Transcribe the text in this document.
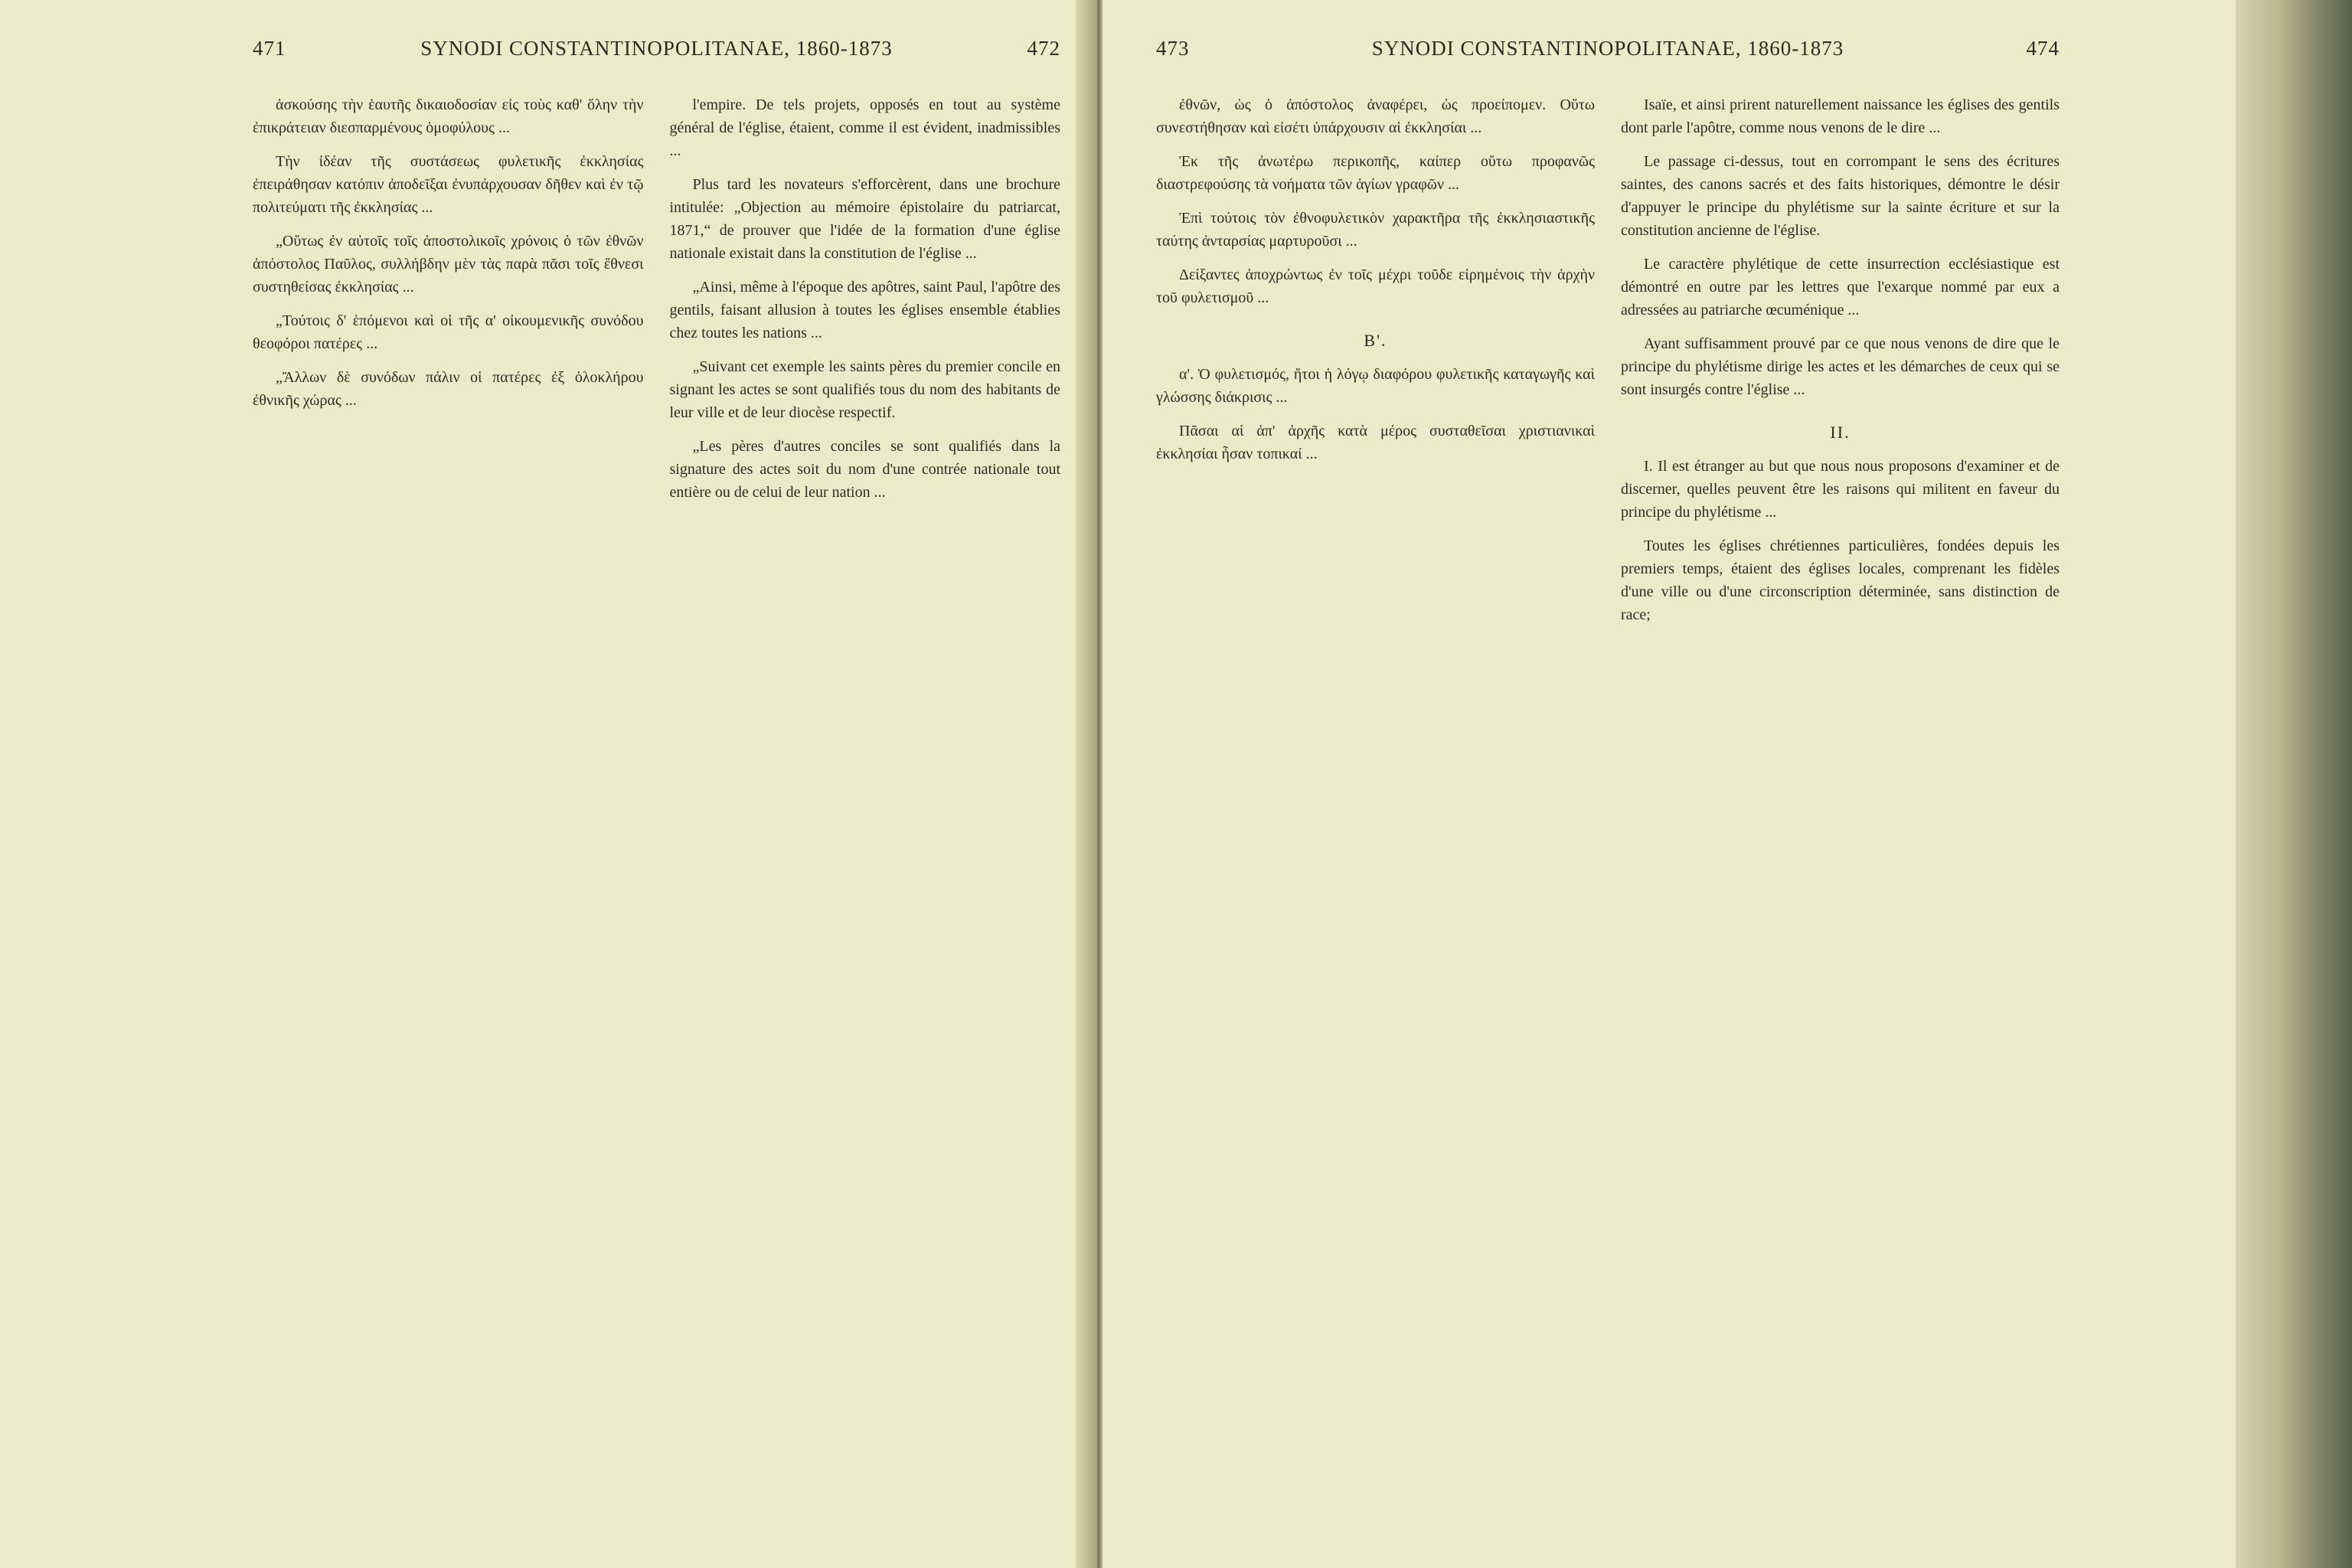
471	SYNODI CONSTANTINOPOLITANAE, 1860-1873	472

ἀσκούσης τὴν ἑαυτῆς δικαιοδοσίαν εἰς τοὺς καθ' ὅλην τὴν ἐπικράτειαν διεσπαρμένους ὁμοφύλους ...

Τὴν ἰδέαν τῆς συστάσεως φυλετικῆς ἐκκλησίας ἐπειράθησαν κατόπιν ἀποδεῖξαι ἐνυπάρχουσαν δῆθεν καὶ ἐν τῷ πολιτεύματι τῆς ἐκκλησίας ...

„Οὕτως ἐν αὐτοῖς τοῖς ἀποστολικοῖς χρόνοις ὁ τῶν ἐθνῶν ἀπόστολος Παῦλος, συλλήβδην μὲν τὰς παρὰ πᾶσι τοῖς ἔθνεσι συστηθείσας ἐκκλησίας ...

„Τούτοις δ' ἑπόμενοι καὶ οἱ τῆς α' οἰκουμενικῆς συνόδου θεοφόροι πατέρες ...

„Ἄλλων δὲ συνόδων πάλιν οἱ πατέρες ἐξ ὁλοκλήρου ἐθνικῆς χώρας ...

l'empire. De tels projets, opposés en tout au système général de l'église, étaient, comme il est évident, inadmissibles ...

Plus tard les novateurs s'efforcèrent, dans une brochure intitulée: „Objection au mémoire épistolaire du patriarcat, 1871,“ de prouver que l'idée de la formation d'une église nationale existait dans la constitution de l'église ...

„Ainsi, même à l'époque des apôtres, saint Paul, l'apôtre des gentils, faisant allusion à toutes les églises ensemble établies chez toutes les nations ...

„Suivant cet exemple les saints pères du premier concile en signant les actes se sont qualifiés tous du nom des habitants de leur ville et de leur diocèse respectif.

„Les pères d'autres conciles se sont qualifiés dans la signature des actes soit du nom d'une contrée nationale tout entière ou de celui de leur nation ...

473	SYNODI CONSTANTINOPOLITANAE, 1860-1873	474

ἐθνῶν, ὡς ὁ ἀπόστολος ἀναφέρει, ὡς προείπομεν. Οὕτω συνεστήθησαν καὶ εἰσέτι ὑπάρχουσιν αἱ ἐκκλησίαι ...

Ἐκ τῆς ἀνωτέρω περικοπῆς, καίπερ οὕτω προφανῶς διαστρεφούσης τὰ νοήματα τῶν ἁγίων γραφῶν ...

Ἐπὶ τούτοις τὸν ἐθνοφυλετικὸν χαρακτῆρα τῆς ἐκκλησιαστικῆς ταύτης ἀνταρσίας μαρτυροῦσι ...

Δείξαντες ἀποχρώντως ἐν τοῖς μέχρι τοῦδε εἰρημένοις τὴν ἀρχὴν τοῦ φυλετισμοῦ ...

Β'.

α'. Ὁ φυλετισμός, ἤτοι ἡ λόγῳ διαφόρου φυλετικῆς καταγωγῆς καὶ γλώσσης διάκρισις ...

Πᾶσαι αἱ ἀπ' ἀρχῆς κατὰ μέρος συσταθεῖσαι χριστιανικαὶ ἐκκλησίαι ἦσαν τοπικαί ...

Isaïe, et ainsi prirent naturellement naissance les églises des gentils dont parle l'apôtre, comme nous venons de le dire ...

Le passage ci-dessus, tout en corrompant le sens des écritures saintes, des canons sacrés et des faits historiques, démontre le désir d'appuyer le principe du phylétisme sur la sainte écriture et sur la constitution ancienne de l'église.

Le caractère phylétique de cette insurrection ecclésiastique est démontré en outre par les lettres que l'exarque nommé par eux a adressées au patriarche œcuménique ...

Ayant suffisamment prouvé par ce que nous venons de dire que le principe du phylétisme dirige les actes et les démarches de ceux qui se sont insurgés contre l'église ...

II.

I. Il est étranger au but que nous nous proposons d'examiner et de discerner, quelles peuvent être les raisons qui militent en faveur du principe du phylétisme ...

Toutes les églises chrétiennes particulières, fondées depuis les premiers temps, étaient des églises locales, comprenant les fidèles d'une ville ou d'une circonscription déterminée, sans distinction de race;
